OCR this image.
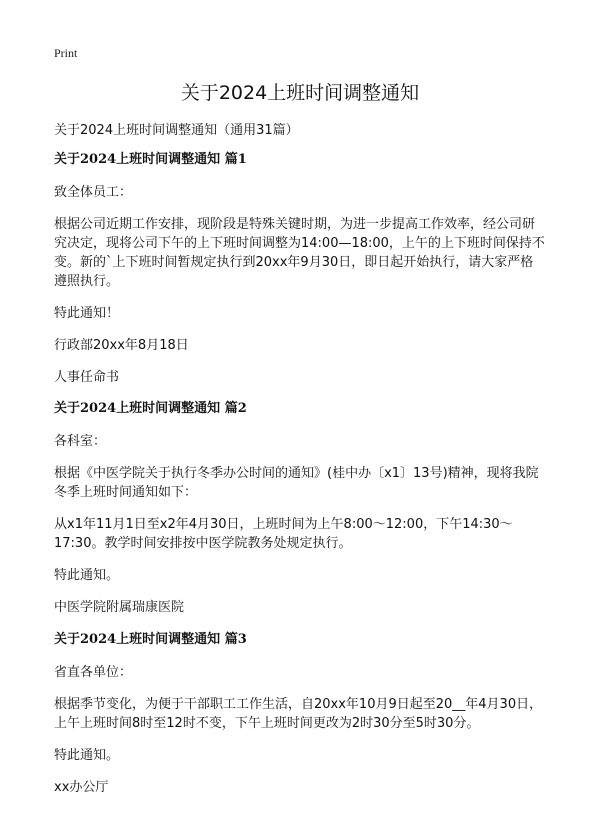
Print
关于2024上班时间调整通知
关于2024上班时间调整通知（通用31篇）
关于2024上班时间调整通知 篇1

致全体员工：

根据公司近期工作安排，现阶段是特殊关键时期，为进一步提高工作效率，经公司研究决定，现将公司下午的上下班时间调整为14:00—18:00，上午的上下班时间保持不变。新的`上下班时间暂规定执行到20xx年9月30日，即日起开始执行，请大家严格遵照执行。

特此通知！

行政部20xx年8月18日

人事任命书

关于2024上班时间调整通知 篇2

各科室：

根据《中医学院关于执行冬季办公时间的通知》(桂中办〔x1〕13号)精神，现将我院冬季上班时间通知如下：

从x1年11月1日至x2年4月30日，上班时间为上午8:00～12:00，下午14:30～17:30。教学时间安排按中医学院教务处规定执行。

特此通知。

中医学院附属瑞康医院

关于2024上班时间调整通知 篇3

省直各单位：

根据季节变化，为便于干部职工工作生活，自20xx年10月9日起至20__年4月30日，上午上班时间8时至12时不变，下午上班时间更改为2时30分至5时30分。

特此通知。

xx办公厅
